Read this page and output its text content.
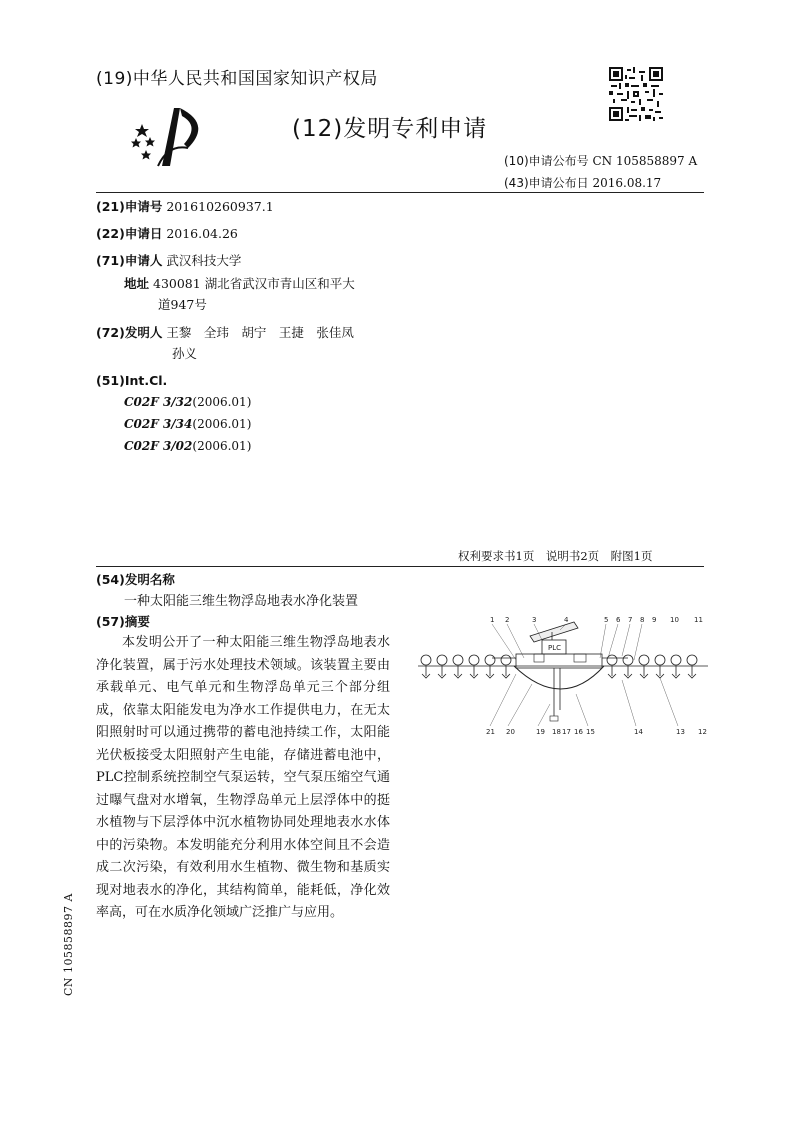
(19)中华人民共和国国家知识产权局
(12)发明专利申请
(10)申请公布号 CN 105858897 A
(43)申请公布日 2016.08.17
(21)申请号 201610260937.1
(22)申请日 2016.04.26
(71)申请人 武汉科技大学
地址 430081 湖北省武汉市青山区和平大
道947号
(72)发明人 王黎　全玮　胡宁　王捷　张佳凤
孙义
(51)Int.Cl.
C02F 3/32(2006.01)
C02F 3/34(2006.01)
C02F 3/02(2006.01)
权利要求书1页　说明书2页　附图1页
(54)发明名称
一种太阳能三维生物浮岛地表水净化装置
(57)摘要
本发明公开了一种太阳能三维生物浮岛地表水净化装置，属于污水处理技术领域。该装置主要由承载单元、电气单元和生物浮岛单元三个部分组成，依靠太阳能发电为净水工作提供电力，在无太阳照射时可以通过携带的蓄电池持续工作，太阳能光伏板接受太阳照射产生电能，存储进蓄电池中，PLC控制系统控制空气泵运转，空气泵压缩空气通过曝气盘对水增氧，生物浮岛单元上层浮体中的挺水植物与下层浮体中沉水植物协同处理地表水水体中的污染物。本发明能充分利用水体空间且不会造成二次污染，有效利用水生植物、微生物和基质实现对地表水的净化，其结构简单，能耗低，净化效率高，可在水质净化领域广泛推广与应用。
1 2	3	4	5 6 7 8 9 10 11
21 20	19 18 17 16 15	14	13 12
PLC
CN 105858897 A
